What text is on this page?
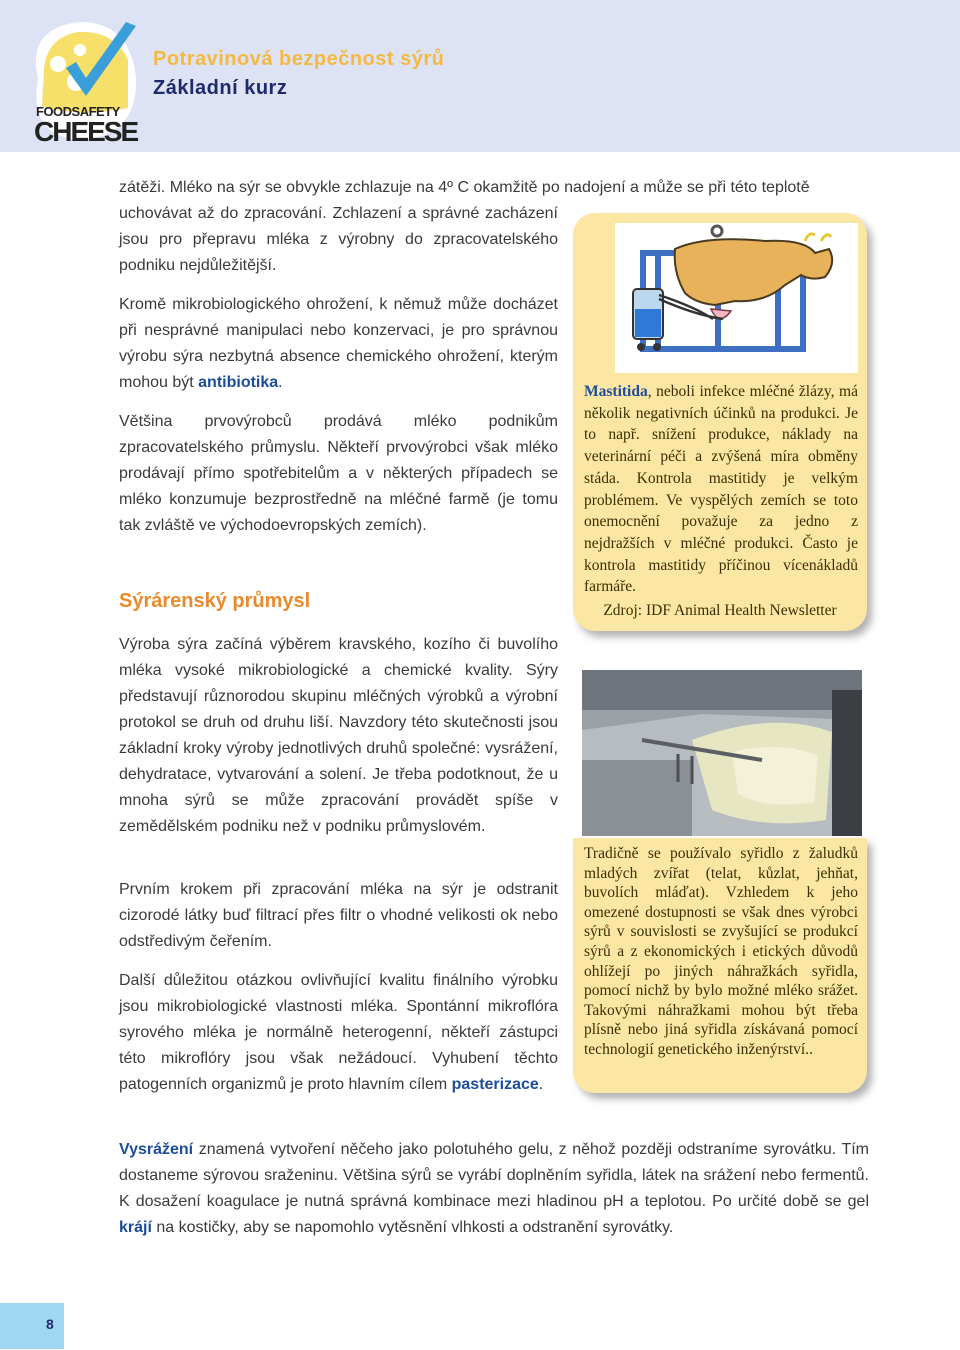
FOODSAFETY
CHEESE
Potravinová bezpečnost sýrů
Základní kurz
zátěži. Mléko na sýr se obvykle zchlazuje na 4º C okamžitě po nadojení a může se při této teplotě
uchovávat až do zpracování. Zchlazení a správné zacházení jsou pro přepravu mléka z výrobny do zpracovatelského podniku nejdůležitější.
Kromě mikrobiologického ohrožení, k němuž může docházet při nesprávné manipulaci nebo konzervaci, je pro správnou výrobu sýra nezbytná absence chemického ohrožení, kterým mohou být antibiotika.
Většina prvovýrobců prodává mléko podnikům zpracovatelského průmyslu. Někteří prvovýrobci však mléko prodávají přímo spotřebitelům a v některých případech se mléko konzumuje bezprostředně na mléčné farmě (je tomu tak zvláště ve východoevropských zemích).
Sýrárenský průmysl
Výroba sýra začíná výběrem kravského, kozího či buvolího mléka vysoké mikrobiologické a chemické kvality. Sýry představují různorodou skupinu mléčných výrobků a výrobní protokol se druh od druhu liší. Navzdory této skutečnosti jsou základní kroky výroby jednotlivých druhů společné: vysrážení, dehydratace, vytvarování a solení. Je třeba podotknout, že u mnoha sýrů se může zpracování provádět spíše v zemědělském podniku než v podniku průmyslovém.
Prvním krokem při zpracování mléka na sýr je odstranit cizorodé látky buď filtrací přes filtr o vhodné velikosti ok nebo odstředivým čeřením.
Další důležitou otázkou ovlivňující kvalitu finálního výrobku jsou mikrobiologické vlastnosti mléka. Spontánní mikroflóra syrového mléka je normálně heterogenní, někteří zástupci této mikroflóry jsou však nežádoucí. Vyhubení těchto patogenních organizmů je proto hlavním cílem pasterizace.
Vysrážení znamená vytvoření něčeho jako polotuhého gelu, z něhož později odstraníme syrovátku. Tím dostaneme sýrovou sraženinu. Většina sýrů se vyrábí doplněním syřidla, látek na srážení nebo fermentů. K dosažení koagulace je nutná správná kombinace mezi hladinou pH a teplotou. Po určité době se gel krájí na kostičky, aby se napomohlo vytěsnění vlhkosti a odstranění syrovátky.
Mastitida, neboli infekce mléčné žlázy, má několik negativních účinků na produkci. Je to např. snížení produkce, náklady na veterinární péči a zvýšená míra obměny stáda. Kontrola mastitidy je velkým problémem. Ve vyspělých zemích se toto onemocnění považuje za jedno z nejdražších v mléčné produkci. Často je kontrola mastitidy příčinou vícenákladů farmáře.
Zdroj: IDF Animal Health Newsletter
Tradičně se používalo syřidlo z žaludků mladých zvířat (telat, kůzlat, jehňat, buvolích mláďat). Vzhledem k jeho omezené dostupnosti se však dnes výrobci sýrů v souvislosti se zvyšující se produkcí sýrů a z ekonomických i etických důvodů ohlížejí po jiných náhražkách syřidla, pomocí nichž by bylo možné mléko srážet. Takovými náhražkami mohou být třeba plísně nebo jiná syřidla získávaná pomocí technologií genetického inženýrství..
8
